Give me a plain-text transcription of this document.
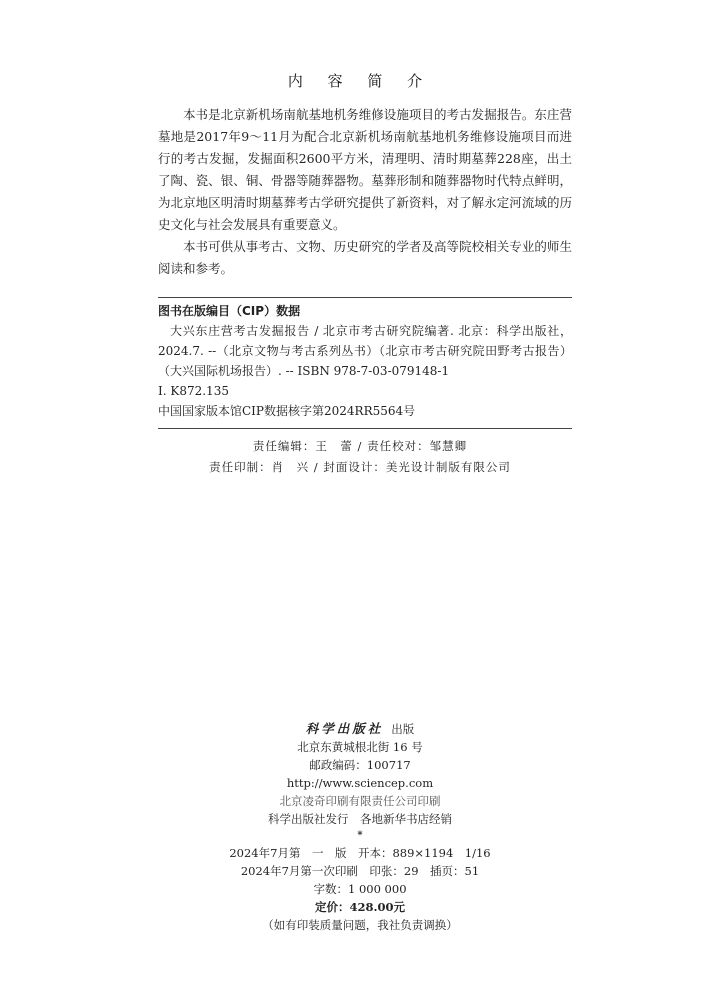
内 容 简 介

本书是北京新机场南航基地机务维修设施项目的考古发掘报告。东庄营墓地是2017年9～11月为配合北京新机场南航基地机务维修设施项目而进行的考古发掘，发掘面积2600平方米，清理明、清时期墓葬228座，出土了陶、瓷、银、铜、骨器等随葬器物。墓葬形制和随葬器物时代特点鲜明，为北京地区明清时期墓葬考古学研究提供了新资料，对了解永定河流域的历史文化与社会发展具有重要意义。

本书可供从事考古、文物、历史研究的学者及高等院校相关专业的师生阅读和参考。

图书在版编目（CIP）数据
大兴东庄营考古发掘报告 / 北京市考古研究院编著. 北京：科学出版社，2024.7. --（北京文物与考古系列丛书）（北京市考古研究院田野考古报告）（大兴国际机场报告）. -- ISBN 978-7-03-079148-1
Ⅰ. K872.135
中国国家版本馆CIP数据核字第2024RR5564号
责任编辑：王　蕾 / 责任校对：邹慧卿
责任印制：肖　兴 / 封面设计：美光设计制版有限公司
科学出版社 出版
北京东黄城根北街 16 号
邮政编码：100717
http://www.sciencep.com
北京凌奇印刷有限责任公司印刷
科学出版社发行　各地新华书店经销
*
2024年7月第　一　版　开本：889×1194　1/16
2024年7月第一次印刷　印张：29　插页：51
字数：1 000 000
定价：428.00元
（如有印装质量问题，我社负责调换）
